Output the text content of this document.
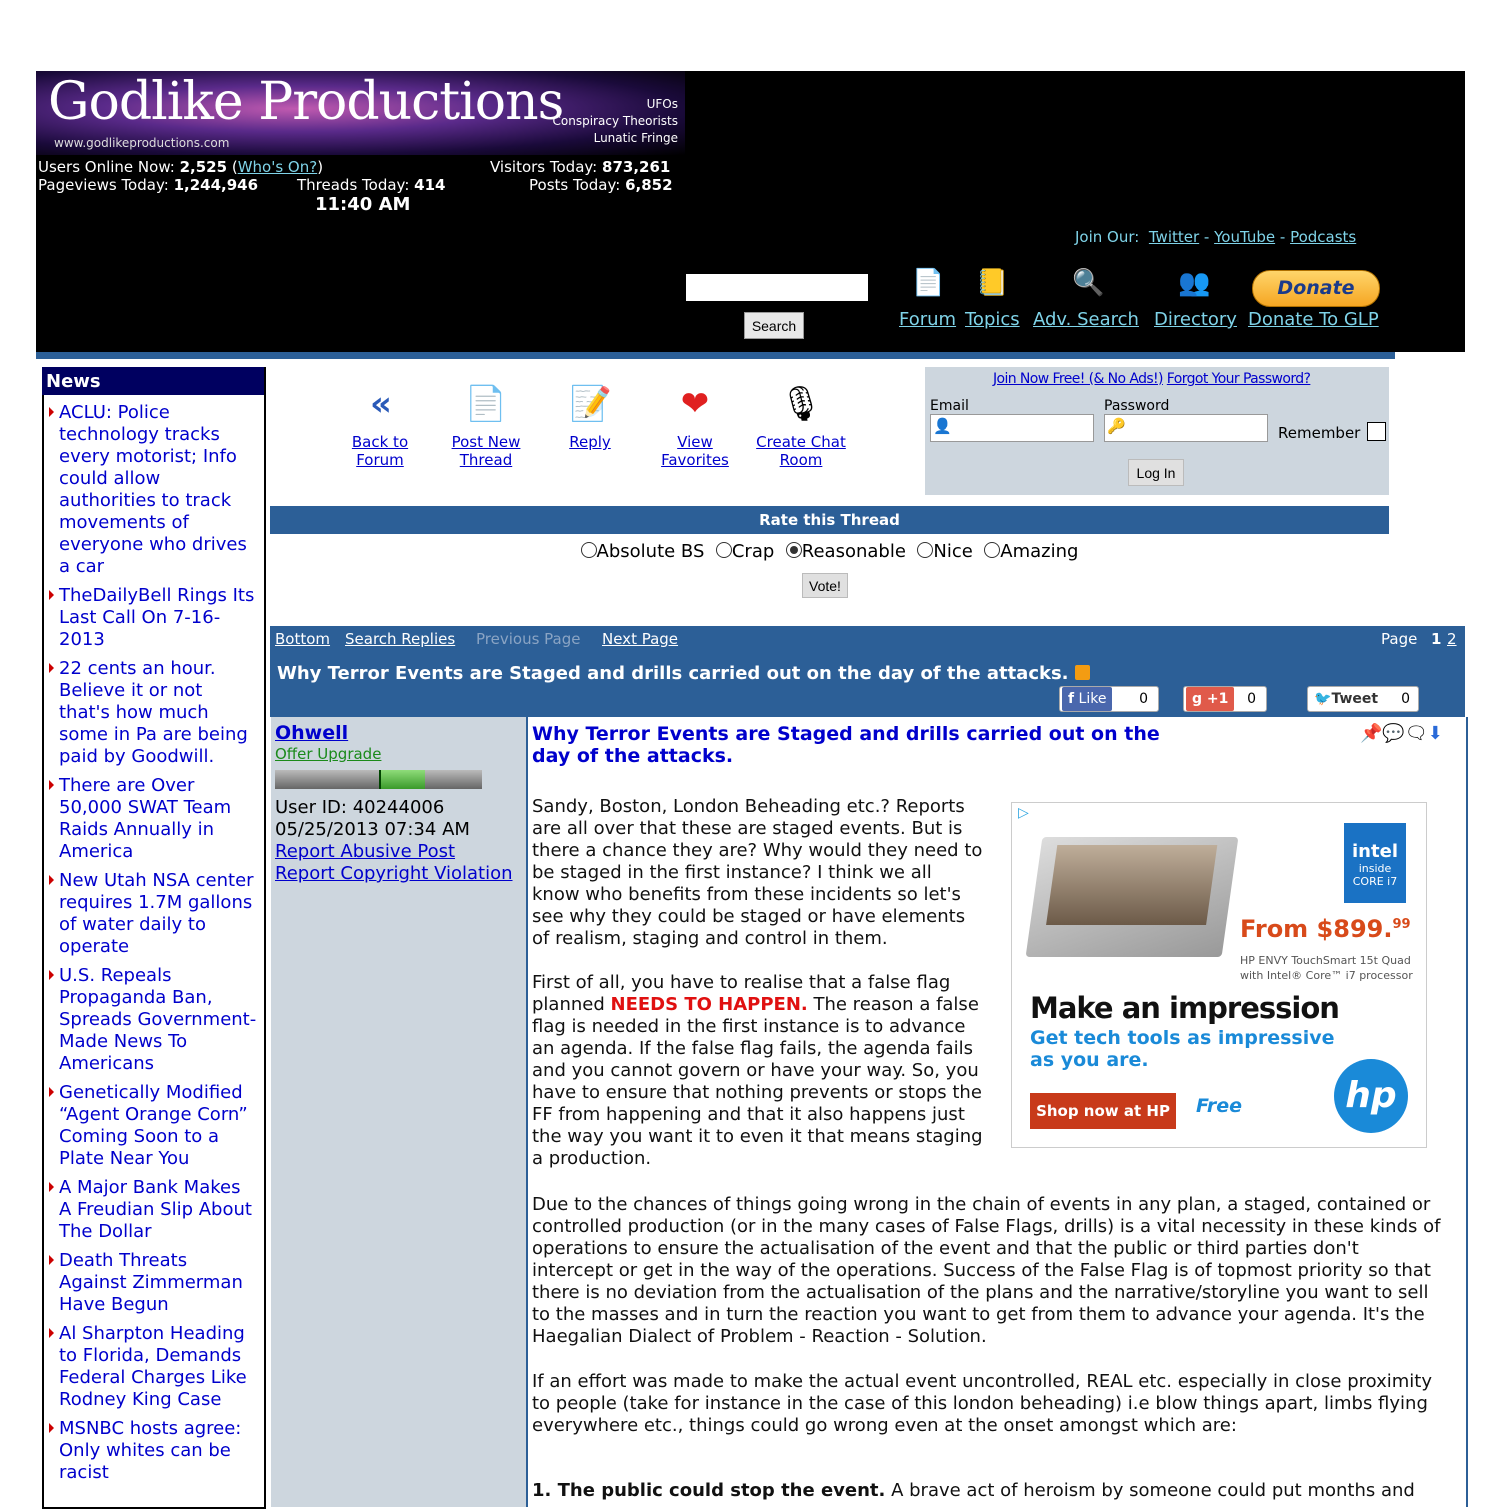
Godlike Productions
www.godlikeproductions.com
UFOs
Conspiracy Theorists
Lunatic Fringe
Users Online Now: 2,525 (Who's On?)	Visitors Today: 873,261
Pageviews Today: 1,244,946	Threads Today: 414	Posts Today: 6,852
11:40 AM
Join Our: Twitter - YouTube - Podcasts
Search
📄 📒 🔍	👥	Donate
Forum Topics Adv. Search Directory Donate To GLP
News
ACLU: Police technology tracks every motorist; Info could allow authorities to track movements of everyone who drives a car
TheDailyBell Rings Its Last Call On 7-16-2013
22 cents an hour. Believe it or not that's how much some in Pa are being paid by Goodwill.
There are Over 50,000 SWAT Team Raids Annually in America
New Utah NSA center requires 1.7M gallons of water daily to operate
U.S. Repeals Propaganda Ban, Spreads Government-Made News To Americans
Genetically Modified “Agent Orange Corn” Coming Soon to a Plate Near You
A Major Bank Makes A Freudian Slip About The Dollar
Death Threats Against Zimmerman Have Begun
Al Sharpton Heading to Florida, Demands Federal Charges Like Rodney King Case
MSNBC hosts agree: Only whites can be racist
«	📄	📝	❤	🎙
Back to
Forum
Post New
Thread
Reply	View
Favorites
Create Chat
Room
Join Now Free! (& No Ads!) Forgot Your Password?
Email	Password
👤	🔑	Remember
Log In
Rate this Thread
Absolute BS Crap Reasonable Nice Amazing
Vote!
Bottom Search Replies Previous Page Next Page	Page 1 2
Why Terror Events are Staged and drills carried out on the day of the attacks.
f Like 0	g +1 0	🐦Tweet 0
Ohwell
Offer Upgrade
User ID: 40244006
05/25/2013 07:34 AM
Report Abusive Post
Report Copyright Violation
Why Terror Events are Staged and drills carried out on the day of the attacks.
📌💬🗨⬇
Sandy, Boston, London Beheading etc.? Reports are all over that these are staged events. But is there a chance they are? Why would they need to be staged in the first instance? I think we all know who benefits from these incidents so let's see why they could be staged or have elements of realism, staging and control in them.
First of all, you have to realise that a false flag planned NEEDS TO HAPPEN. The reason a false flag is needed in the first instance is to advance an agenda. If the false flag fails, the agenda fails and you cannot govern or have your way. So, you have to ensure that nothing prevents or stops the FF from happening and that it also happens just the way you want it to even it that means staging a production.
Due to the chances of things going wrong in the chain of events in any plan, a staged, contained or controlled production (or in the many cases of False Flags, drills) is a vital necessity in these kinds of operations to ensure the actualisation of the event and that the public or third parties don't intercept or get in the way of the operations. Success of the False Flag is of topmost priority so that there is no deviation from the actualisation of the plans and the narrative/storyline you want to sell to the masses and in turn the reaction you want to get from them to advance your agenda. It's the Haegalian Dialect of Problem - Reaction - Solution.
If an effort was made to make the actual event uncontrolled, REAL etc. especially in close proximity to people (take for instance in the case of this london beheading) i.e blow things apart, limbs flying everywhere etc., things could go wrong even at the onset amongst which are:
1. The public could stop the event. A brave act of heroism by someone could put months and
▷
intel
inside
CORE i7
From $899.99
HP ENVY TouchSmart 15t Quad
with Intel® Core™ i7 processor
Make an impression
Get tech tools as impressive
as you are.
Shop now at HP	Free	hp
